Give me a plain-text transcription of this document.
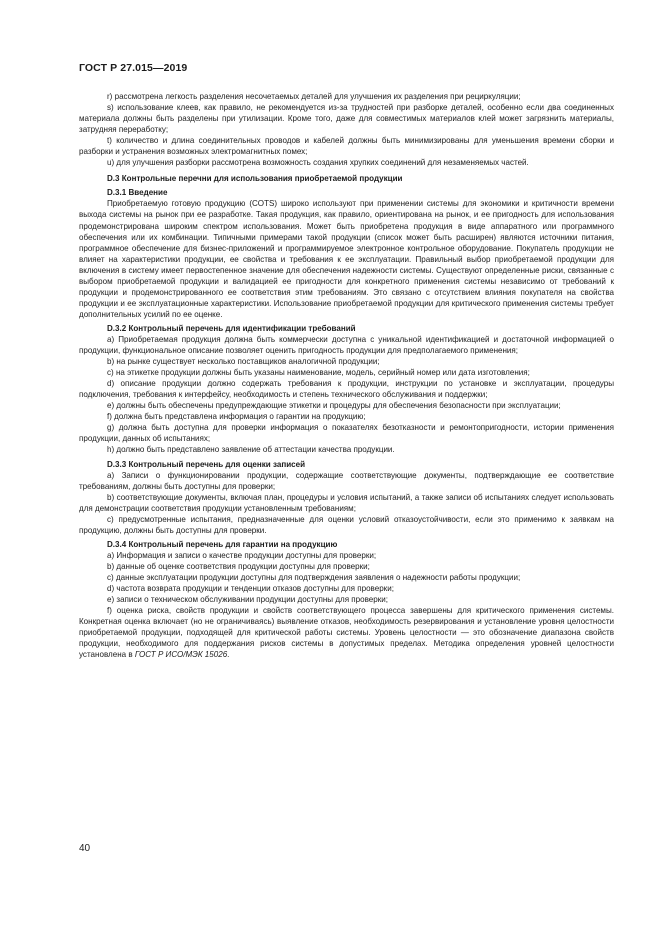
ГОСТ Р 27.015—2019

r) рассмотрена легкость разделения несочетаемых деталей для улучшения их разделения при рециркуляции;

s) использование клеев, как правило, не рекомендуется из-за трудностей при разборке деталей, особенно если два соединенных материала должны быть разделены при утилизации. Кроме того, даже для совместимых материалов клей может загрязнить материалы, затрудняя переработку;

t) количество и длина соединительных проводов и кабелей должны быть минимизированы для уменьшения времени сборки и разборки и устранения возможных электромагнитных помех;

u) для улучшения разборки рассмотрена возможность создания хрупких соединений для незаменяемых частей.

D.3 Контрольные перечни для использования приобретаемой продукции

D.3.1 Введение

Приобретаемую готовую продукцию (COTS) широко используют при применении системы для экономики и критичности времени выхода системы на рынок при ее разработке. Такая продукция, как правило, ориентирована на рынок, и ее пригодность для использования продемонстрирована широким спектром использования. Может быть приобретена продукция в виде аппаратного или программного обеспечения или их комбинации. Типичными примерами такой продукции (список может быть расширен) являются источники питания, программное обеспечение для бизнес-приложений и программируемое электронное контрольное оборудование. Покупатель продукции не влияет на характеристики продукции, ее свойства и требования к ее эксплуатации. Правильный выбор приобретаемой продукции для включения в систему имеет первостепенное значение для обеспечения надежности системы. Существуют определенные риски, связанные с выбором приобретаемой продукции и валидацией ее пригодности для конкретного применения системы независимо от требований к продукции и продемонстрированного ее соответствия этим требованиям. Это связано с отсутствием влияния покупателя на свойства продукции и ее эксплуатационные характеристики. Использование приобретаемой продукции для критического применения системы требует дополнительных усилий по ее оценке.

D.3.2 Контрольный перечень для идентификации требований

a) Приобретаемая продукция должна быть коммерчески доступна с уникальной идентификацией и достаточной информацией о продукции, функциональное описание позволяет оценить пригодность продукции для предполагаемого применения;

b) на рынке существует несколько поставщиков аналогичной продукции;

c) на этикетке продукции должны быть указаны наименование, модель, серийный номер или дата изготовления;

d) описание продукции должно содержать требования к продукции, инструкции по установке и эксплуатации, процедуры подключения, требования к интерфейсу, необходимость и степень технического обслуживания и поддержки;

e) должны быть обеспечены предупреждающие этикетки и процедуры для обеспечения безопасности при эксплуатации;

f) должна быть представлена информация о гарантии на продукцию;

g) должна быть доступна для проверки информация о показателях безотказности и ремонтопригодности, истории применения продукции, данных об испытаниях;

h) должно быть представлено заявление об аттестации качества продукции.

D.3.3 Контрольный перечень для оценки записей

a) Записи о функционировании продукции, содержащие соответствующие документы, подтверждающие ее соответствие требованиям, должны быть доступны для проверки;

b) соответствующие документы, включая план, процедуры и условия испытаний, а также записи об испытаниях следует использовать для демонстрации соответствия продукции установленным требованиям;

c) предусмотренные испытания, предназначенные для оценки условий отказоустойчивости, если это применимо к заявкам на продукцию, должны быть доступны для проверки.

D.3.4 Контрольный перечень для гарантии на продукцию

a) Информация и записи о качестве продукции доступны для проверки;

b) данные об оценке соответствия продукции доступны для проверки;

c) данные эксплуатации продукции доступны для подтверждения заявления о надежности работы продукции;

d) частота возврата продукции и тенденции отказов доступны для проверки;

e) записи о техническом обслуживании продукции доступны для проверки;

f) оценка риска, свойств продукции и свойств соответствующего процесса завершены для критического применения системы. Конкретная оценка включает (но не ограничиваясь) выявление отказов, необходимость резервирования и установление уровня целостности приобретаемой продукции, подходящей для критической работы системы. Уровень целостности — это обозначение диапазона свойств продукции, необходимого для поддержания рисков системы в допустимых пределах. Методика определения уровней целостности установлена в ГОСТ Р ИСО/МЭК 15026.

40
